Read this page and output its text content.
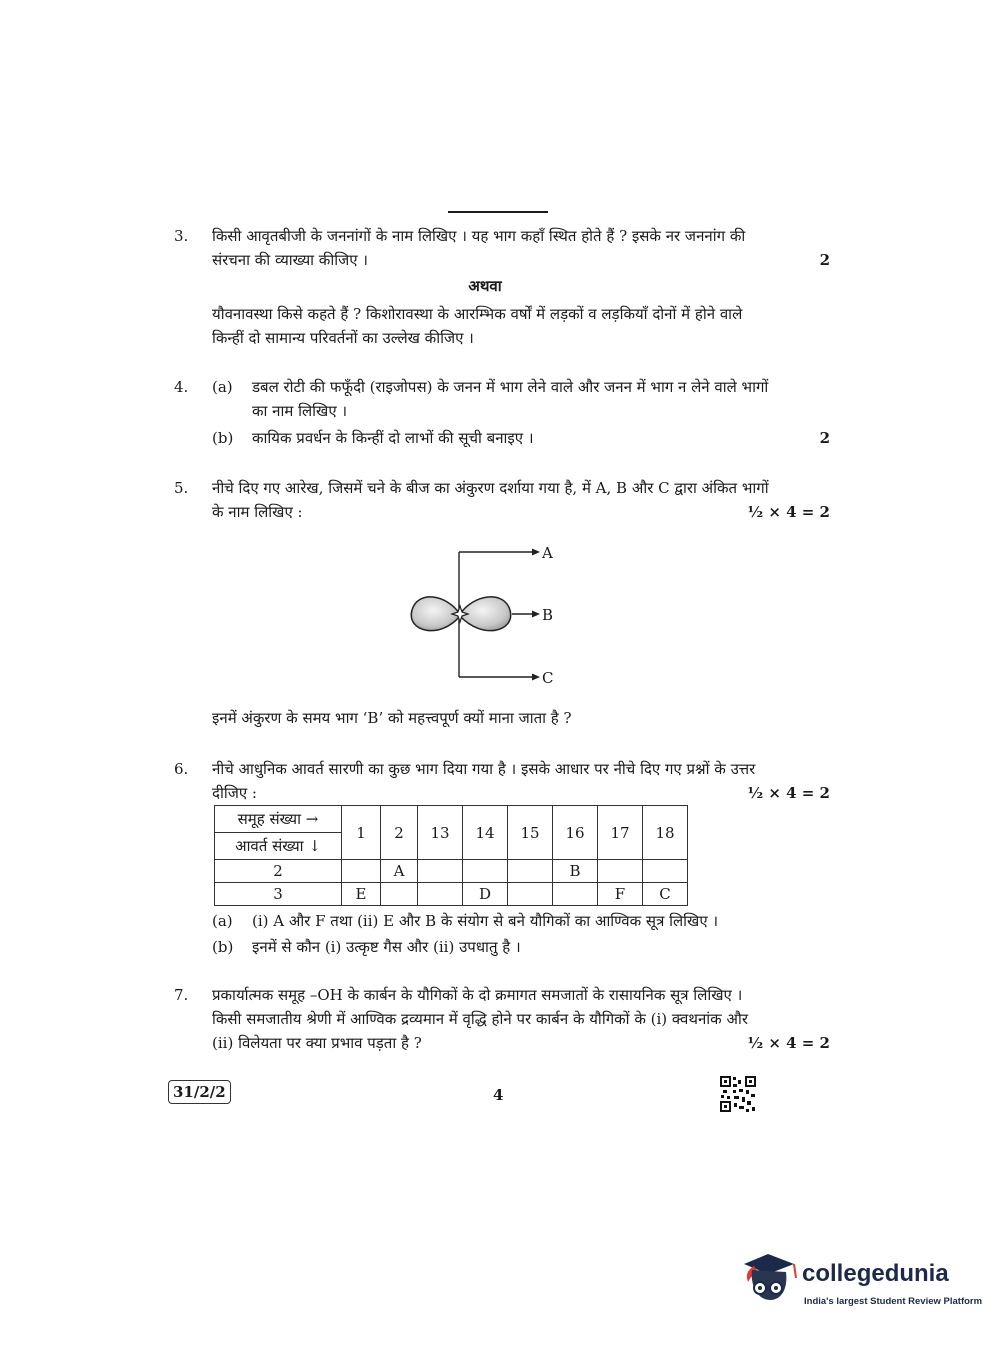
3.	किसी आवृतबीजी के जननांगों के नाम लिखिए । यह भाग कहाँ स्थित होते हैं ? इसके नर जननांग की
संरचना की व्याख्या कीजिए ।	2
अथवा
यौवनावस्था किसे कहते हैं ? किशोरावस्था के आरम्भिक वर्षों में लड़कों व लड़कियाँ दोनों में होने वाले
किन्हीं दो सामान्य परिवर्तनों का उल्लेख कीजिए ।
4.	(a) डबल रोटी की फफूँदी (राइजोपस) के जनन में भाग लेने वाले और जनन में भाग न लेने वाले भागों
का नाम लिखिए ।
(b) कायिक प्रवर्धन के किन्हीं दो लाभों की सूची बनाइए ।	2
5.	नीचे दिए गए आरेख, जिसमें चने के बीज का अंकुरण दर्शाया गया है, में A, B और C द्वारा अंकित भागों
के नाम लिखिए :	½ × 4 = 2
A
B
C
इनमें अंकुरण के समय भाग ‘B’ को महत्त्वपूर्ण क्यों माना जाता है ?
6.	नीचे आधुनिक आवर्त सारणी का कुछ भाग दिया गया है । इसके आधार पर नीचे दिए गए प्रश्नों के उत्तर
दीजिए :	½ × 4 = 2
समूह संख्या →	1	2	13	14	15	16	17	18
आवर्त संख्या ↓								
2		A				B		
3	E			D			F	C
(a) (i) A और F तथा (ii) E और B के संयोग से बने यौगिकों का आण्विक सूत्र लिखिए ।
(b) इनमें से कौन (i) उत्कृष्ट गैस और (ii) उपधातु है ।
7.	प्रकार्यात्मक समूह –OH के कार्बन के यौगिकों के दो क्रमागत समजातों के रासायनिक सूत्र लिखिए ।
किसी समजातीय श्रेणी में आण्विक द्रव्यमान में वृद्धि होने पर कार्बन के यौगिकों के (i) क्वथनांक और
(ii) विलेयता पर क्या प्रभाव पड़ता है ?	½ × 4 = 2
31/2/2	4
collegedunia
India's largest Student Review Platform
